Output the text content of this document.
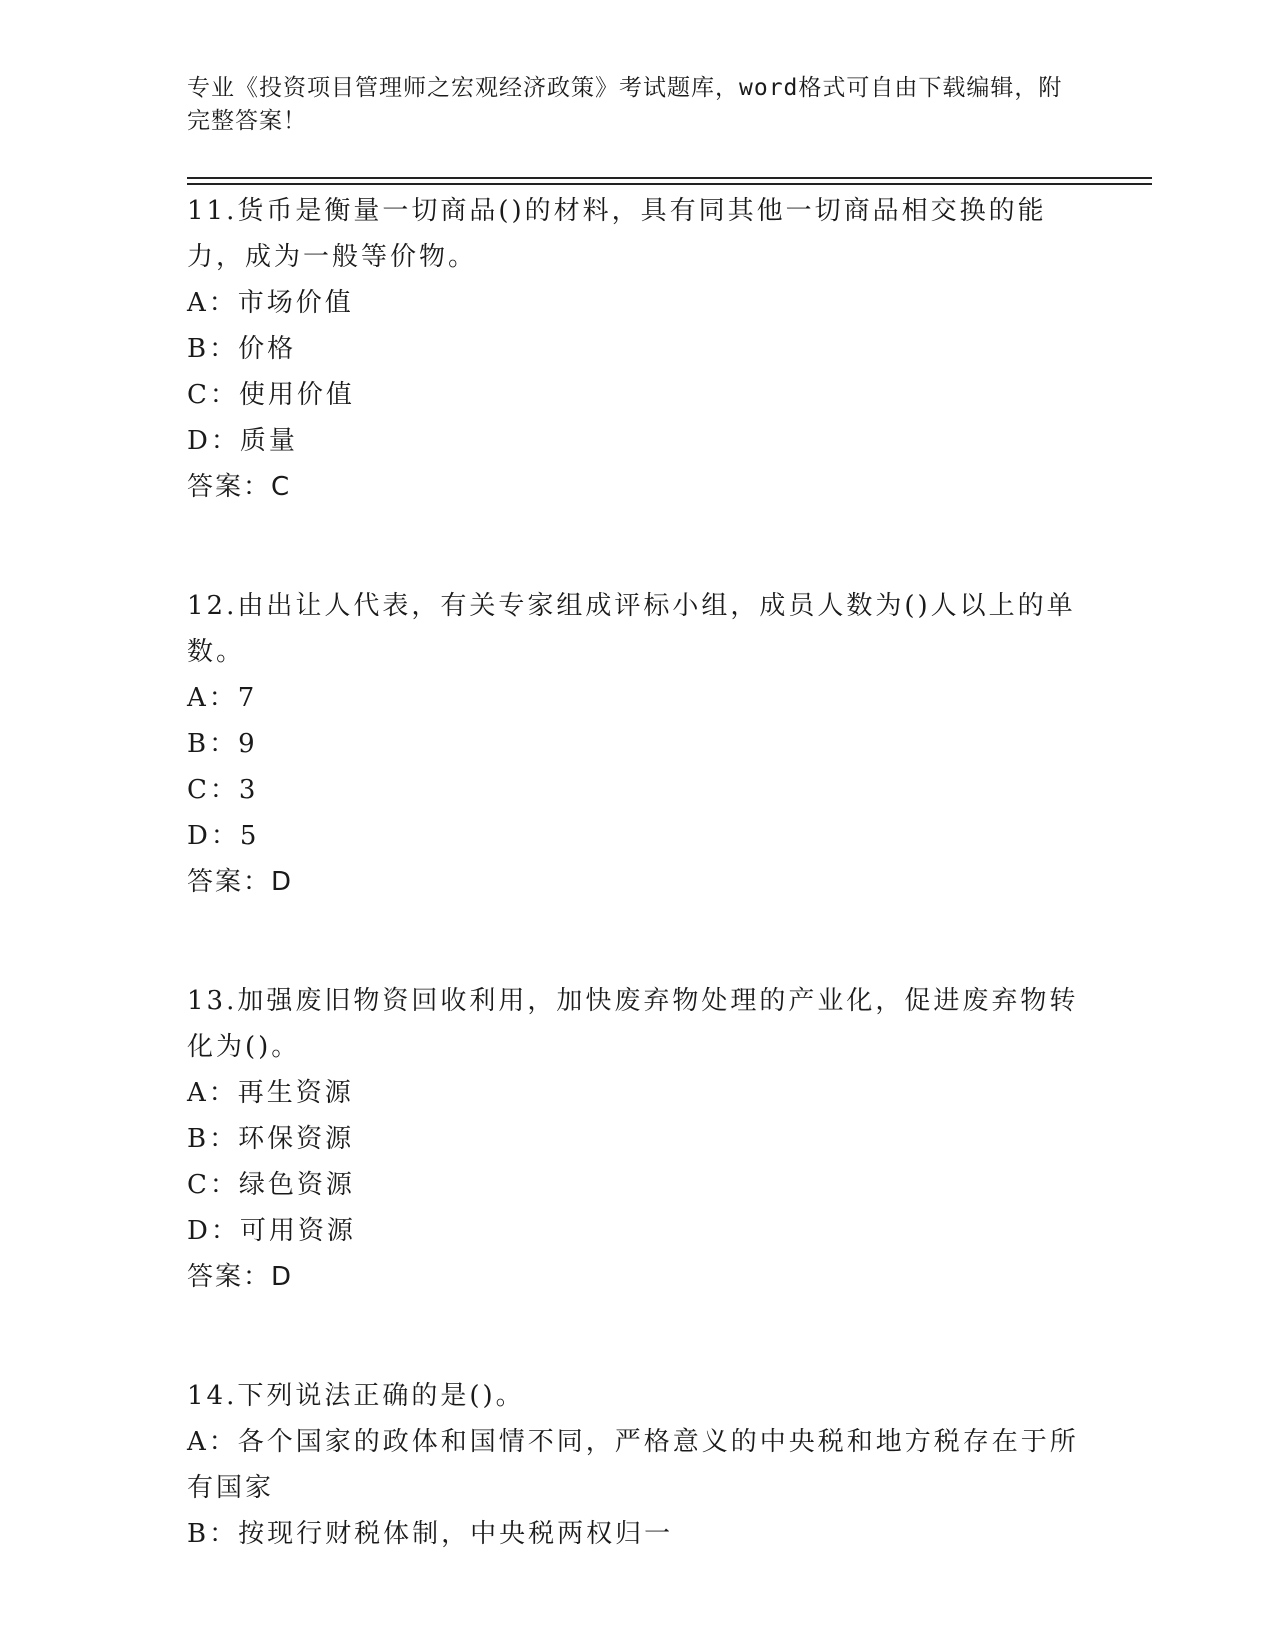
专业《投资项目管理师之宏观经济政策》考试题库，word格式可自由下载编辑，附完整答案！
11.货币是衡量一切商品()的材料，具有同其他一切商品相交换的能力，成为一般等价物。
A：市场价值
B：价格
C：使用价值
D：质量
答案：C
12.由出让人代表，有关专家组成评标小组，成员人数为()人以上的单数。
A：7
B：9
C：3
D：5
答案：D
13.加强废旧物资回收利用，加快废弃物处理的产业化，促进废弃物转化为()。
A：再生资源
B：环保资源
C：绿色资源
D：可用资源
答案：D
14.下列说法正确的是()。
A：各个国家的政体和国情不同，严格意义的中央税和地方税存在于所有国家
B：按现行财税体制，中央税两权归一
